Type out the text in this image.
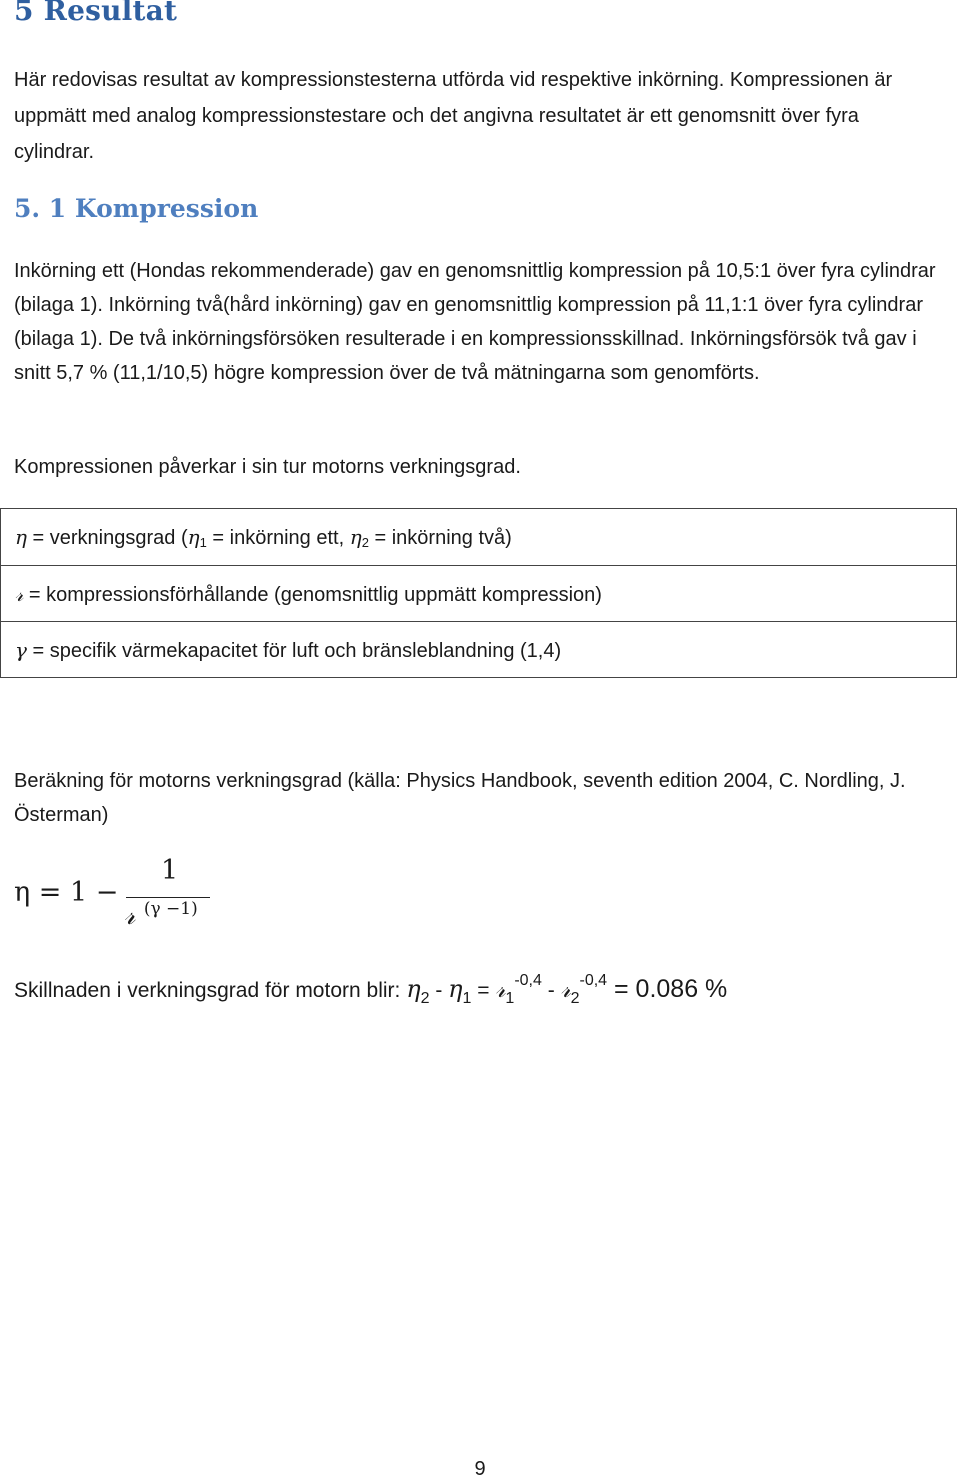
5 Resultat

Här redovisas resultat av kompressionstesterna utförda vid respektive inkörning. Kompressionen är uppmätt med analog kompressionstestare och det angivna resultatet är ett genomsnitt över fyra cylindrar.

5. 1 Kompression

Inkörning ett (Hondas rekommenderade) gav en genomsnittlig kompression på 10,5:1 över fyra cylindrar (bilaga 1). Inkörning två(hård inkörning) gav en genomsnittlig kompression på 11,1:1 över fyra cylindrar (bilaga 1). De två inkörningsförsöken resulterade i en kompressionsskillnad. Inkörningsförsök två gav i snitt 5,7 % (11,1/10,5) högre kompression över de två mätningarna som genomförts.

Kompressionen påverkar i sin tur motorns verkningsgrad.

η = verkningsgrad ($\eta_1$ = inkörning ett, $\eta_2$ = inkörning två)
𝓇 = kompressionsförhållande (genomsnittlig uppmätt kompression)
γ = specifik värmekapacitet för luft och bränsleblandning (1,4)

Beräkning för motorns verkningsgrad (källa: Physics Handbook, seventh edition 2004, C. Nordling, J. Österman)

η = 1 −
1
𝓇 $^{(\gamma -1)}$
Skillnaden i verkningsgrad för motorn blir: $\eta_2 - \eta_1$ = 𝓇$_1^{-0,4}$ - 𝓇$_2^{-0,4}$ = 0.086 %
9
